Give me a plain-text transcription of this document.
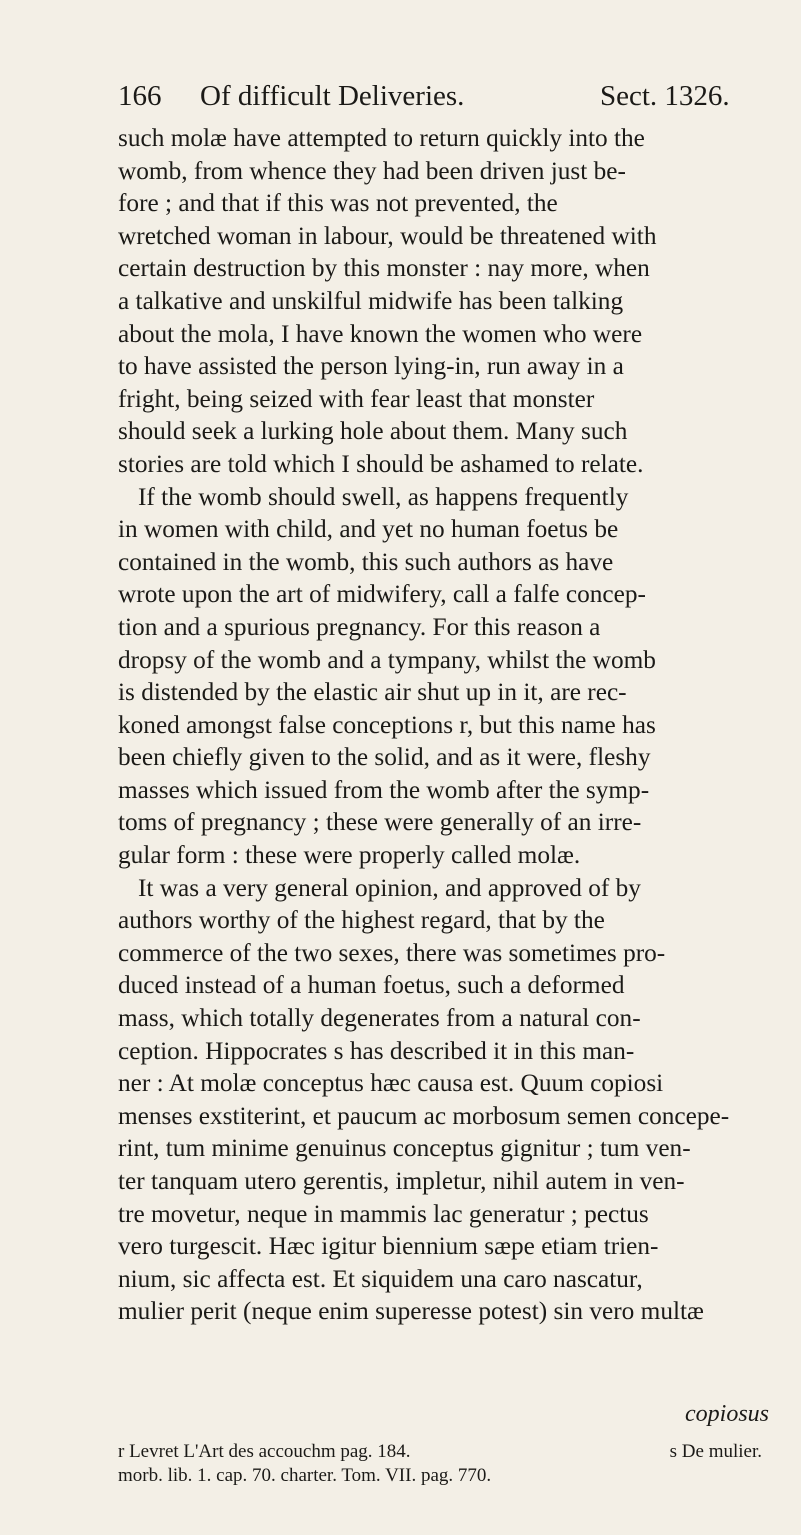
166 Of difficult Deliveries.	Sect. 1326.
such molæ have attempted to return quickly into the
womb, from whence they had been driven just be-
fore ; and that if this was not prevented, the
wretched woman in labour, would be threatened with
certain destruction by this monster : nay more, when
a talkative and unskilful midwife has been talking
about the mola, I have known the women who were
to have assisted the person lying-in, run away in a
fright, being seized with fear least that monster
should seek a lurking hole about them. Many such
stories are told which I should be ashamed to relate.
If the womb should swell, as happens frequently
in women with child, and yet no human foetus be
contained in the womb, this such authors as have
wrote upon the art of midwifery, call a falfe concep-
tion and a spurious pregnancy. For this reason a
dropsy of the womb and a tympany, whilst the womb
is distended by the elastic air shut up in it, are rec-
koned amongst false conceptions r, but this name has
been chiefly given to the solid, and as it were, fleshy
masses which issued from the womb after the symp-
toms of pregnancy ; these were generally of an irre-
gular form : these were properly called molæ.
It was a very general opinion, and approved of by
authors worthy of the highest regard, that by the
commerce of the two sexes, there was sometimes pro-
duced instead of a human foetus, such a deformed
mass, which totally degenerates from a natural con-
ception. Hippocrates s has described it in this man-
ner : At molæ conceptus hæc causa est. Quum copiosi
menses exstiterint, et paucum ac morbosum semen concepe-
rint, tum minime genuinus conceptus gignitur ; tum ven-
ter tanquam utero gerentis, impletur, nihil autem in ven-
tre movetur, neque in mammis lac generatur ; pectus
vero turgescit. Hæc igitur biennium sæpe etiam trien-
nium, sic affecta est. Et siquidem una caro nascatur,
mulier perit (neque enim superesse potest) sin vero multæ
copiosus
r Levret L'Art des accouchm pag. 184.
morb. lib. 1. cap. 70. charter. Tom. VII. pag. 770.
s De mulier.
